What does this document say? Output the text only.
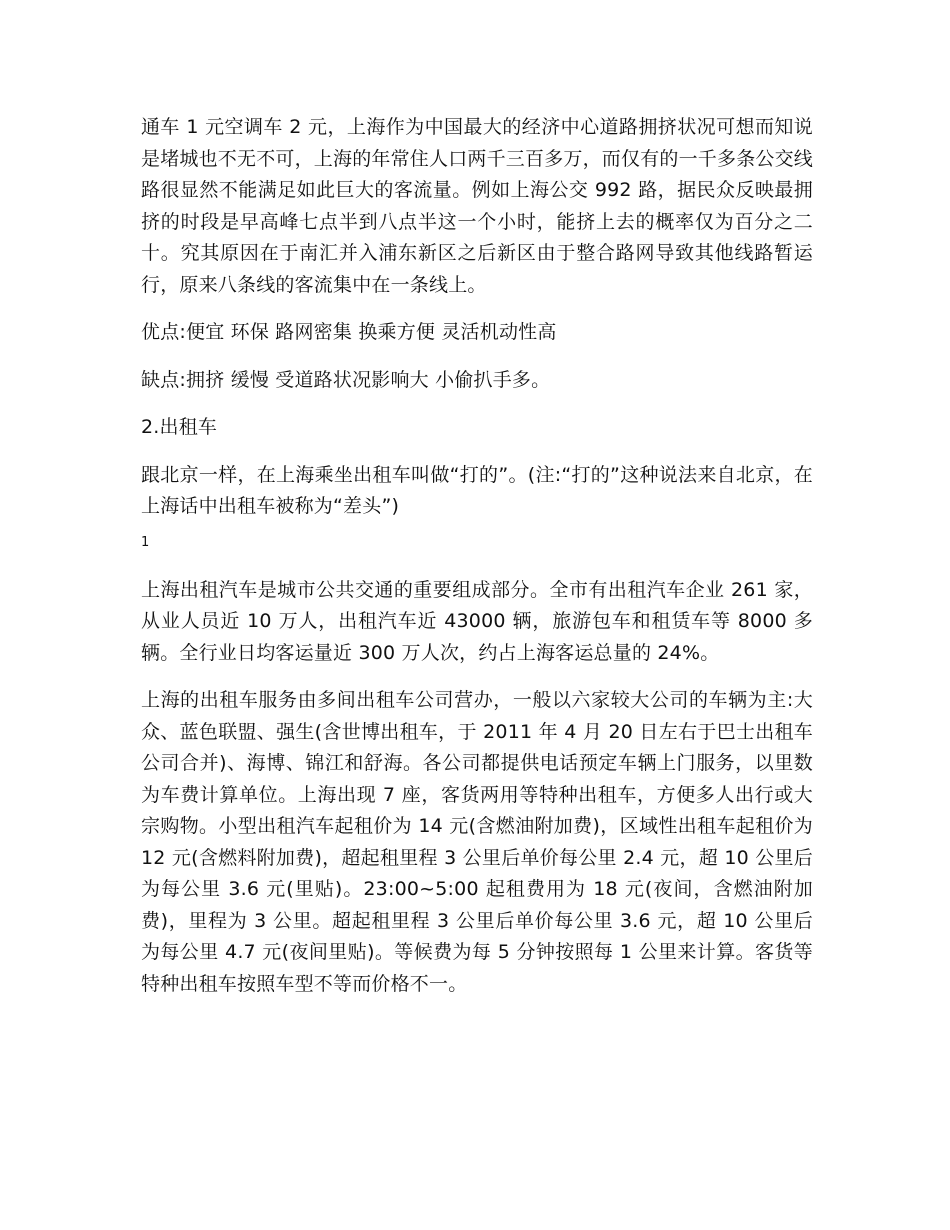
通车 1 元空调车 2 元，上海作为中国最大的经济中心道路拥挤状况可想而知说是堵城也不无不可，上海的年常住人口两千三百多万，而仅有的一千多条公交线路很显然不能满足如此巨大的客流量。例如上海公交 992 路，据民众反映最拥挤的时段是早高峰七点半到八点半这一个小时，能挤上去的概率仅为百分之二十。究其原因在于南汇并入浦东新区之后新区由于整合路网导致其他线路暂运行，原来八条线的客流集中在一条线上。

优点:便宜 环保 路网密集 换乘方便 灵活机动性高

缺点:拥挤 缓慢 受道路状况影响大 小偷扒手多。

2.出租车

跟北京一样，在上海乘坐出租车叫做“打的”。(注:“打的”这种说法来自北京，在上海话中出租车被称为“差头”)

1

上海出租汽车是城市公共交通的重要组成部分。全市有出租汽车企业 261 家，从业人员近 10 万人，出租汽车近 43000 辆，旅游包车和租赁车等 8000 多辆。全行业日均客运量近 300 万人次，约占上海客运总量的 24%。

上海的出租车服务由多间出租车公司营办，一般以六家较大公司的车辆为主:大众、蓝色联盟、强生(含世博出租车，于 2011 年 4 月 20 日左右于巴士出租车公司合并)、海博、锦江和舒海。各公司都提供电话预定车辆上门服务，以里数为车费计算单位。上海出现 7 座，客货两用等特种出租车，方便多人出行或大宗购物。小型出租汽车起租价为 14 元(含燃油附加费)，区域性出租车起租价为 12 元(含燃料附加费)，超起租里程 3 公里后单价每公里 2.4 元，超 10 公里后为每公里 3.6 元(里贴)。23:00~5:00 起租费用为 18 元(夜间，含燃油附加费)，里程为 3 公里。超起租里程 3 公里后单价每公里 3.6 元，超 10 公里后为每公里 4.7 元(夜间里贴)。等候费为每 5 分钟按照每 1 公里来计算。客货等特种出租车按照车型不等而价格不一。
